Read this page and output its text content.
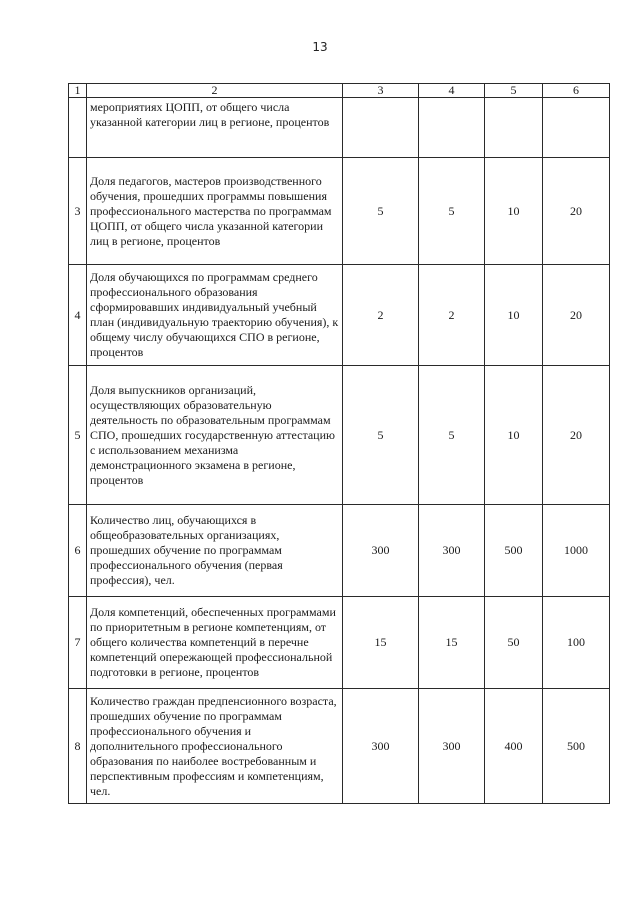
13
1	2	3	4	5	6

	мероприятиях ЦОПП, от общего числа указанной категории лиц в регионе, процентов				

3	Доля педагогов, мастеров производственного обучения, прошедших программы повышения профессионального мастерства по программам ЦОПП, от общего числа указанной категории лиц в регионе, процентов	5	5	10	20
4	Доля обучающихся по программам среднего профессионального образования сформировавших индивидуальный учебный план (индивидуальную траекторию обучения), к общему числу обучающихся СПО в регионе, процентов	2	2	10	20
5	Доля выпускников организаций, осуществляющих образовательную деятельность по образовательным программам СПО, прошедших государственную аттестацию с использованием механизма демонстрационного экзамена в регионе, процентов	5	5	10	20
6	Количество лиц, обучающихся в общеобразовательных организациях, прошедших обучение по программам профессионального обучения (первая профессия), чел.	300	300	500	1000
7	Доля компетенций, обеспеченных программами по приоритетным в регионе компетенциям, от общего количества компетенций в перечне компетенций опережающей профессиональной подготовки в регионе, процентов	15	15	50	100
8	Количество граждан предпенсионного возраста, прошедших обучение по программам профессионального обучения и дополнительного профессионального образования по наиболее востребованным и перспективным профессиям и компетенциям, чел.	300	300	400	500
